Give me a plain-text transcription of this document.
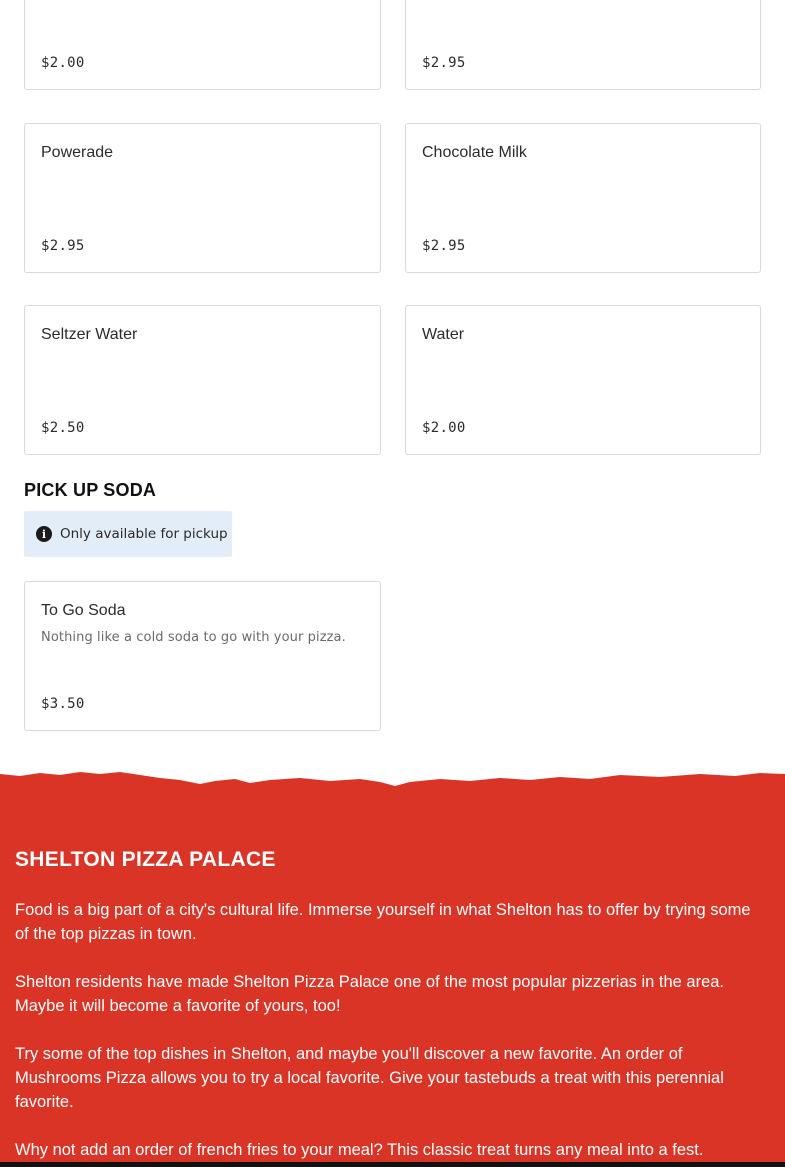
$2.00	$2.95
Powerade
$2.95
Chocolate Milk
$2.95
Seltzer Water
$2.50
Water
$2.00
PICK UP SODA
i	Only available for pickup
To Go Soda
Nothing like a cold soda to go with your pizza.
$3.50
SHELTON PIZZA PALACE

Food is a big part of a city's cultural life. Immerse yourself in what Shelton has to offer by trying some of the top pizzas in town.

Shelton residents have made Shelton Pizza Palace one of the most popular pizzerias in the area. Maybe it will become a favorite of yours, too!

Try some of the top dishes in Shelton, and maybe you'll discover a new favorite. An order of Mushrooms Pizza allows you to try a local favorite. Give your tastebuds a treat with this perennial favorite.

Why not add an order of french fries to your meal? This classic treat turns any meal into a fest.
